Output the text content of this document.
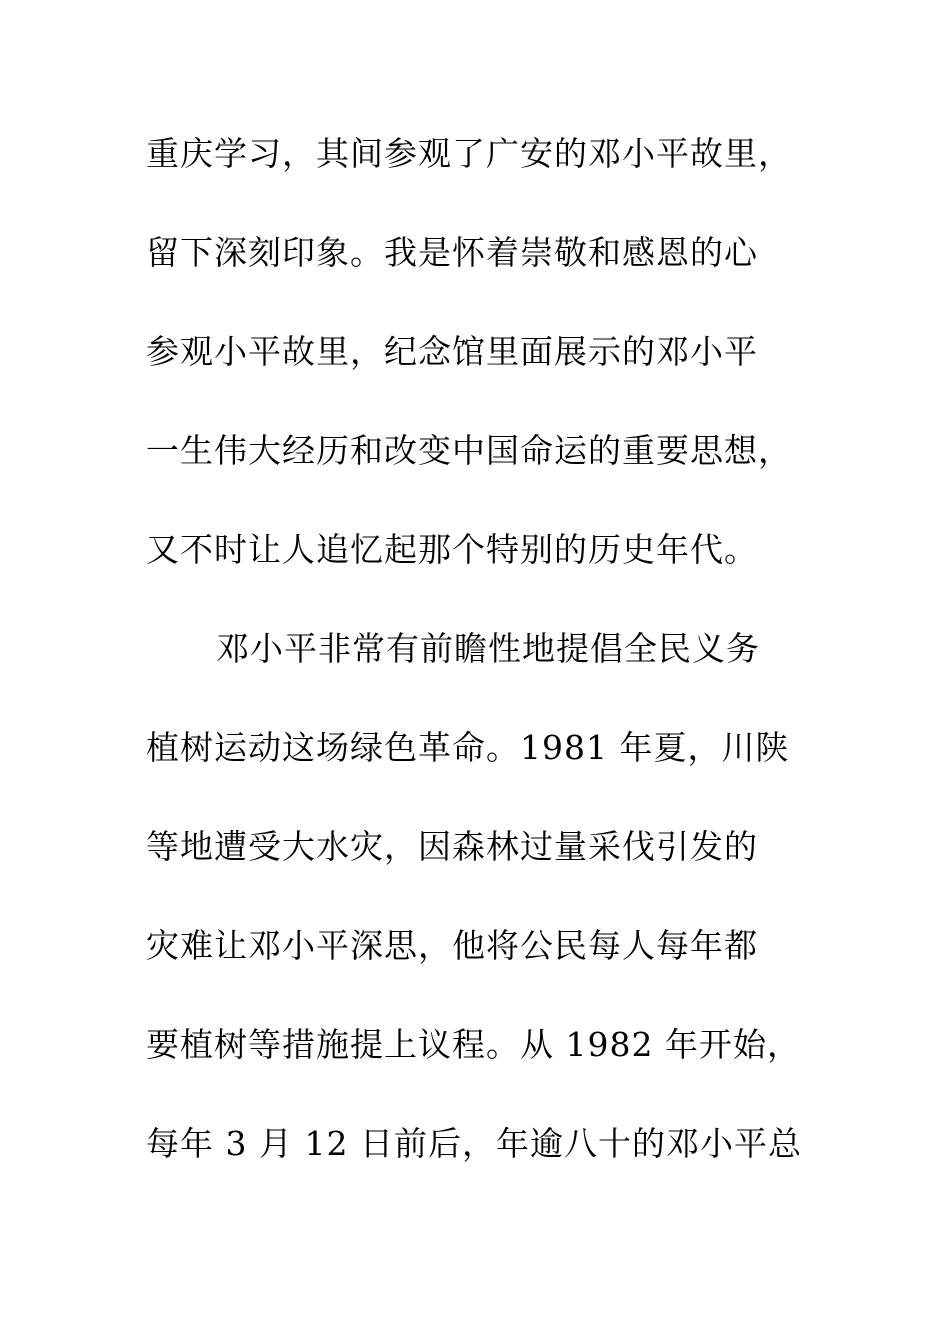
重庆学习，其间参观了广安的邓小平故里，
留下深刻印象。我是怀着崇敬和感恩的心
参观小平故里，纪念馆里面展示的邓小平
一生伟大经历和改变中国命运的重要思想，
又不时让人追忆起那个特别的历史年代。
邓小平非常有前瞻性地提倡全民义务
植树运动这场绿色革命。1981 年夏，川陕
等地遭受大水灾，因森林过量采伐引发的
灾难让邓小平深思，他将公民每人每年都
要植树等措施提上议程。从 1982 年开始，
每年 3 月 12 日前后，年逾八十的邓小平总
